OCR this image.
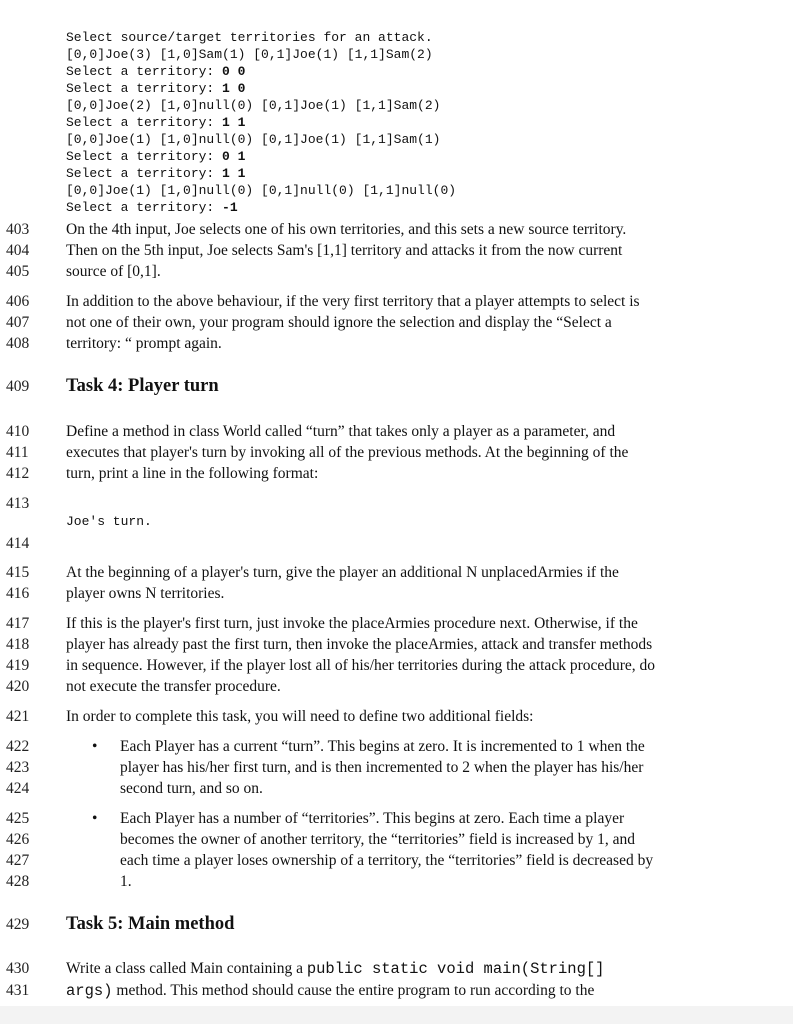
Select source/target territories for an attack.
[0,0]Joe(3) [1,0]Sam(1) [0,1]Joe(1) [1,1]Sam(2)
Select a territory: 0 0
Select a territory: 1 0
[0,0]Joe(2) [1,0]null(0) [0,1]Joe(1) [1,1]Sam(2)
Select a territory: 1 1
[0,0]Joe(1) [1,0]null(0) [0,1]Joe(1) [1,1]Sam(1)
Select a territory: 0 1
Select a territory: 1 1
[0,0]Joe(1) [1,0]null(0) [0,1]null(0) [1,1]null(0)
Select a territory: -1
403	On the 4th input, Joe selects one of his own territories, and this sets a new source territory.
404	Then on the 5th input, Joe selects Sam's [1,1] territory and attacks it from the now current
405	source of [0,1].
406	In addition to the above behaviour, if the very first territory that a player attempts to select is
407	not one of their own, your program should ignore the selection and display the “Select a
408	territory: “ prompt again.
409	Task 4: Player turn
410	Define a method in class World called “turn” that takes only a player as a parameter, and
411	executes that player's turn by invoking all of the previous methods. At the beginning of the
412	turn, print a line in the following format:
413
Joe's turn.
414
415	At the beginning of a player's turn, give the player an additional N unplacedArmies if the
416	player owns N territories.
417	If this is the player's first turn, just invoke the placeArmies procedure next. Otherwise, if the
418	player has already past the first turn, then invoke the placeArmies, attack and transfer methods
419	in sequence. However, if the player lost all of his/her territories during the attack procedure, do
420	not execute the transfer procedure.
421	In order to complete this task, you will need to define two additional fields:
•
422	Each Player has a current “turn”. This begins at zero. It is incremented to 1 when the
423	player has his/her first turn, and is then incremented to 2 when the player has his/her
424	second turn, and so on.
•
425	Each Player has a number of “territories”. This begins at zero. Each time a player
426	becomes the owner of another territory, the “territories” field is increased by 1, and
427	each time a player loses ownership of a territory, the “territories” field is decreased by
428	1.
429	Task 5: Main method
430	Write a class called Main containing a public static void main(String[]
431	args) method. This method should cause the entire program to run according to the
